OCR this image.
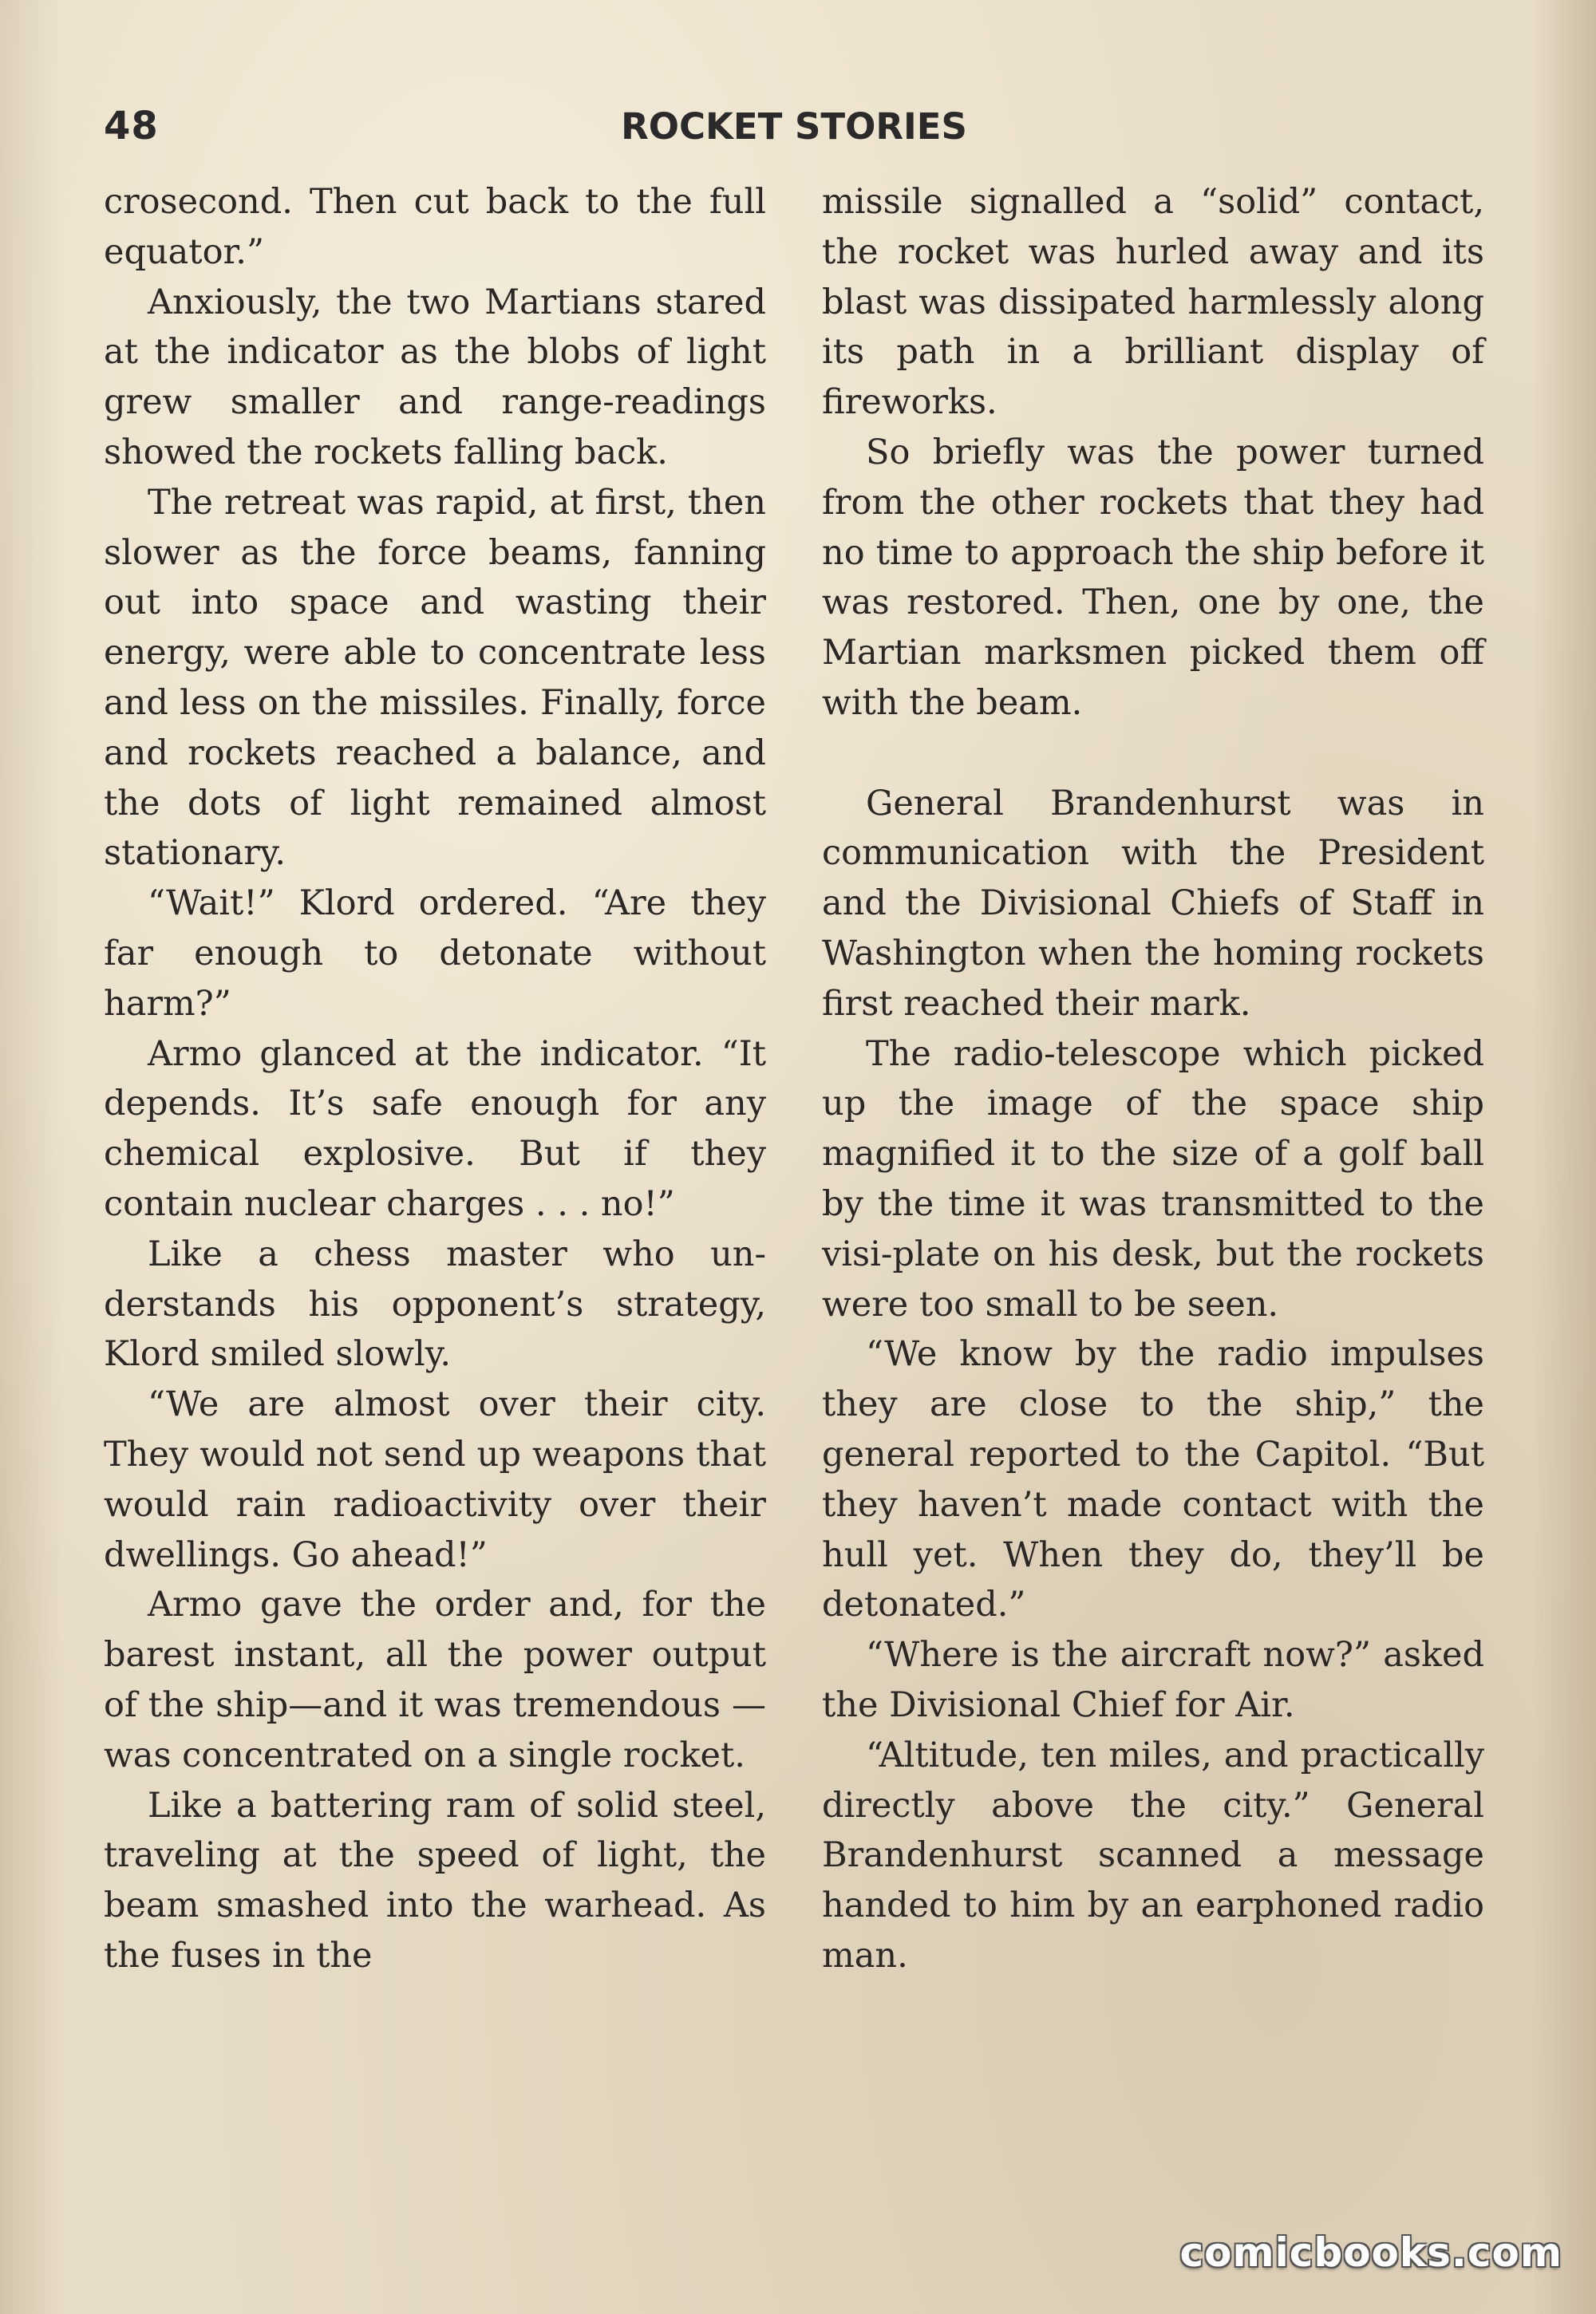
48	ROCKET STORIES

crosecond. Then cut back to the full equator.”

Anxiously, the two Martians stared at the indicator as the blobs of light grew smaller and range-readings showed the rockets falling back.

The retreat was rapid, at first, then slower as the force beams, fanning out into space and wasting their energy, were able to concentrate less and less on the missiles. Finally, force and rockets reached a balance, and the dots of light remained almost stationary.

“Wait!” Klord ordered. “Are they far enough to detonate without harm?”

Armo glanced at the indicator. “It depends. It’s safe enough for any chemical explosive. But if they contain nuclear charges . . . no!”

Like a chess master who understands his opponent’s strategy, Klord smiled slowly.

“We are almost over their city. They would not send up weapons that would rain radioactivity over their dwellings. Go ahead!”

Armo gave the order and, for the barest instant, all the power output of the ship—and it was tremendous — was concentrated on a single rocket.

Like a battering ram of solid steel, traveling at the speed of light, the beam smashed into the warhead. As the fuses in the

missile signalled a “solid” contact, the rocket was hurled away and its blast was dissipated harmlessly along its path in a brilliant display of fireworks.

So briefly was the power turned from the other rockets that they had no time to approach the ship before it was restored. Then, one by one, the Martian marksmen picked them off with the beam.

General Brandenhurst was in communication with the President and the Divisional Chiefs of Staff in Washington when the homing rockets first reached their mark.

The radio-telescope which picked up the image of the space ship magnified it to the size of a golf ball by the time it was transmitted to the visi-plate on his desk, but the rockets were too small to be seen.

“We know by the radio impulses they are close to the ship,” the general reported to the Capitol. “But they haven’t made contact with the hull yet. When they do, they’ll be detonated.”

“Where is the aircraft now?” asked the Divisional Chief for Air.

“Altitude, ten miles, and practically directly above the city.” General Brandenhurst scanned a message handed to him by an earphoned radio man.

comicbooks.com
